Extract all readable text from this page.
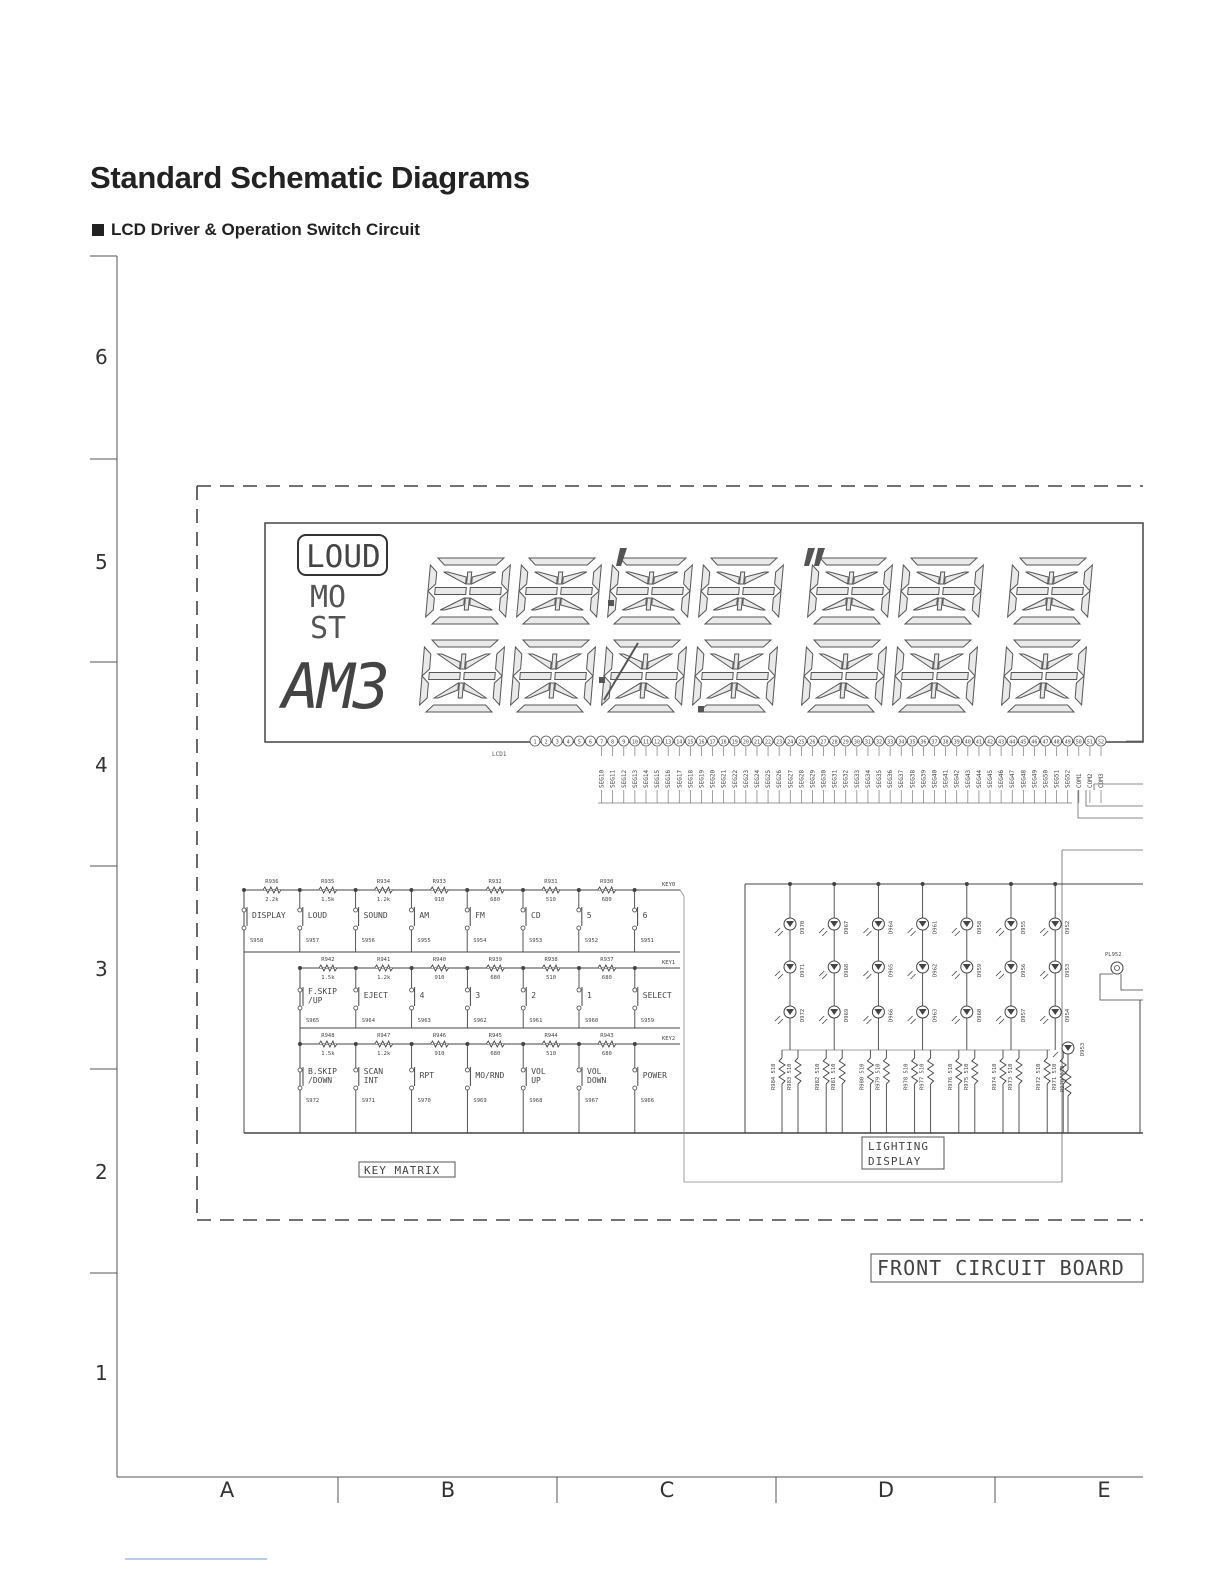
Standard Schematic Diagrams
LCD Driver & Operation Switch Circuit
6
5
4
3
2
1
A	B	C	D	E
LOUD
MO
ST
AM3
LCD1
1 2 3 4 5 6 7 8 9 10 11 12 13 14 15 16 17 18 19 20 21 22 23 24 25 26 27 28 29 30 31 32 33 34 35 36 37 38 39 40 41 42 43 44 45 46 47 48 49 50 51 52
SEG10 SEG11 SEG12 SEG13 SEG14 SEG15 SEG16 SEG17 SEG18 SEG19 SEG20 SEG21 SEG22 SEG23 SEG24 SEG25 SEG26 SEG27 SEG28 SEG29 SEG30 SEG31 SEG32 SEG33 SEG34 SEG35 SEG36 SEG37 SEG38 SEG39 SEG40 SEG41 SEG42 SEG43 SEG44 SEG45 SEG46 SEG47 SEG48 SEG49 SEG50 SEG51 SEG52 COM1 COM2 COM3
KEY0
R936
2.2k
R935
1.5k
R934
1.2k
R933
910
R932
680
R931
510
R930
680
DISPLAY
S958
LOUD
S957
SOUND
S956
AM
S955
FM
S954
CD
S953
5
S952
6
S951
KEY1
R942
1.5k
R941
1.2k
R940
910
R939
680
R938
510
R937
680
F.SKIP
/UP
S965
EJECT
S964
4
S963
3
S962
2
S961
1
S960
SELECT
S959
KEY2
R948
1.5k
R947
1.2k
R946
910
R945
680
R944
510
R943
680
B.SKIP
/DOWN
S972
SCAN
INT
S971
RPT
S970
MO/RND
S969
VOL
UP
S968
VOL
DOWN
S967
POWER
S966
KEY MATRIX
D970
D971
D972
D967
D968
D969
D964
D965
D966
D961
D962
D963
D958
D959
D960
D955
D956
D957
D952
D953
D954
R984 510 R983 510	R982 510 R981 510	R980 510 R979 510	R978 510 R977 510	R976 510 R975 510	R974 510 R973 510	R972 510 R971 510
D953
R970 820
PL952
LIGHTING
DISPLAY
FRONT CIRCUIT BOARD
